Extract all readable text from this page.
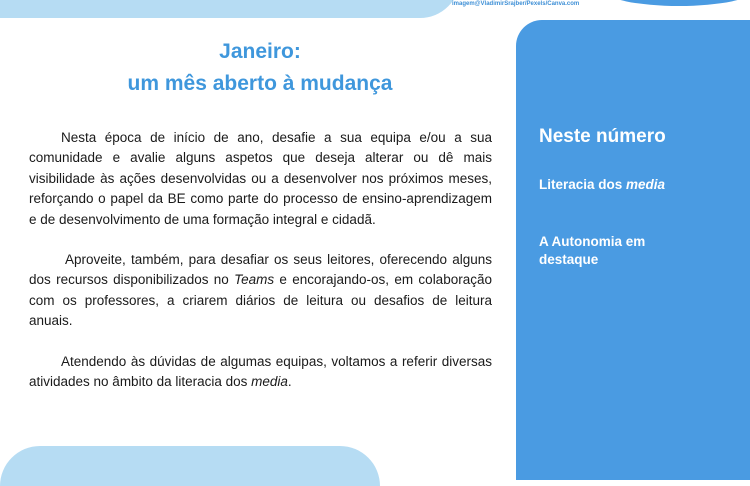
imagem@VladimirSrajber/Pexels/Canva.com
Janeiro:
um mês aberto à mudança

Nesta época de início de ano, desafie a sua equipa e/ou a sua comunidade e avalie alguns aspetos que deseja alterar ou dê mais visibilidade às ações desenvolvidas ou a desenvolver nos próximos meses, reforçando o papel da BE como parte do processo de ensino-aprendizagem e de desenvolvimento de uma formação integral e cidadã.

Aproveite, também, para desafiar os seus leitores, oferecendo alguns dos recursos disponibilizados no Teams e encorajando-os, em colaboração com os professores, a criarem diários de leitura ou desafios de leitura anuais.

Atendendo às dúvidas de algumas equipas, voltamos a referir diversas atividades no âmbito da literacia dos media.

Neste número
Literacia dos media
A Autonomia em destaque
